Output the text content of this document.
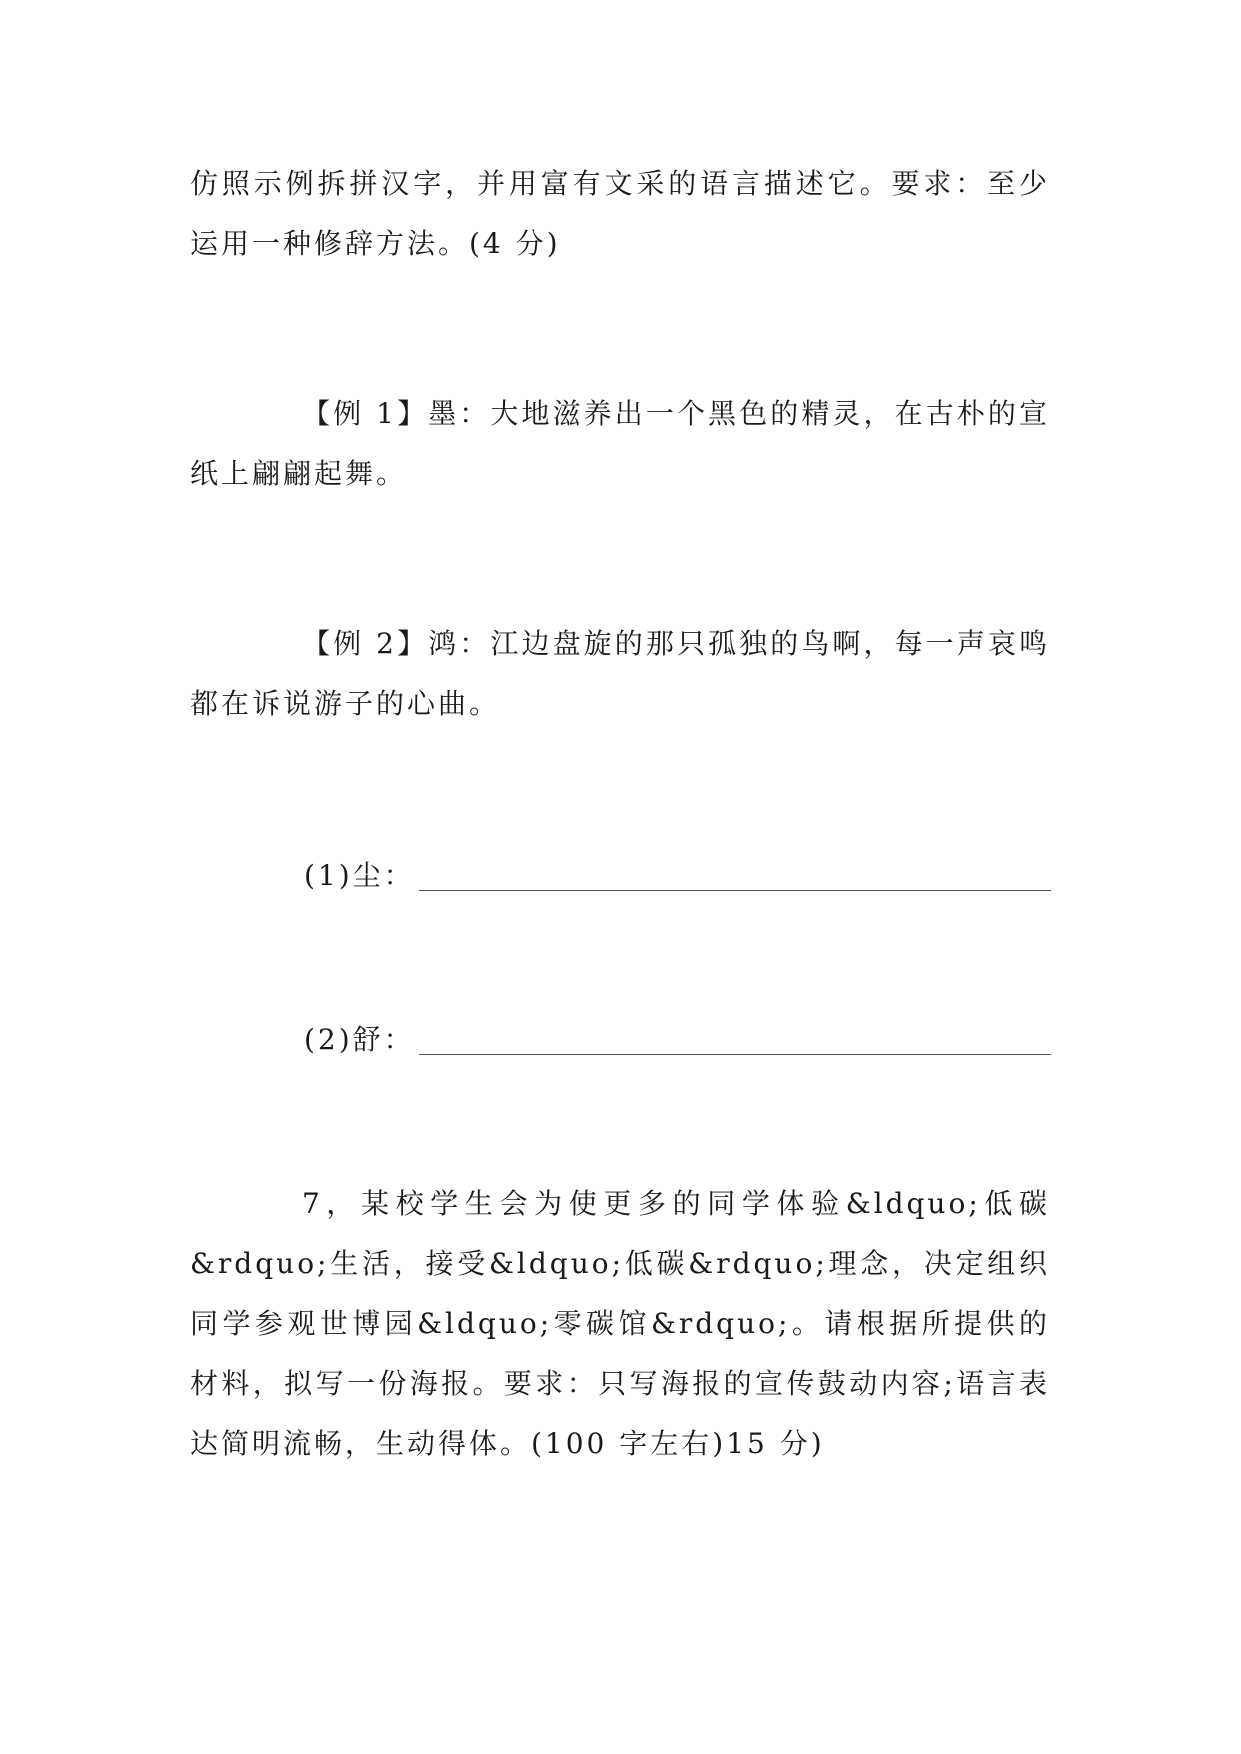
仿照示例拆拼汉字，并用富有文采的语言描述它。要求：至少运用一种修辞方法。(4 分)

【例 1】墨：大地滋养出一个黑色的精灵，在古朴的宣纸上翩翩起舞。

【例 2】鸿：江边盘旋的那只孤独的鸟啊，每一声哀鸣都在诉说游子的心曲。

(1)尘：
(2)舒：

7，某校学生会为使更多的同学体验&ldquo;低碳&rdquo;生活，接受&ldquo;低碳&rdquo;理念，决定组织同学参观世博园&ldquo;零碳馆&rdquo;。请根据所提供的材料，拟写一份海报。要求：只写海报的宣传鼓动内容;语言表达简明流畅，生动得体。(100 字左右)15 分)
